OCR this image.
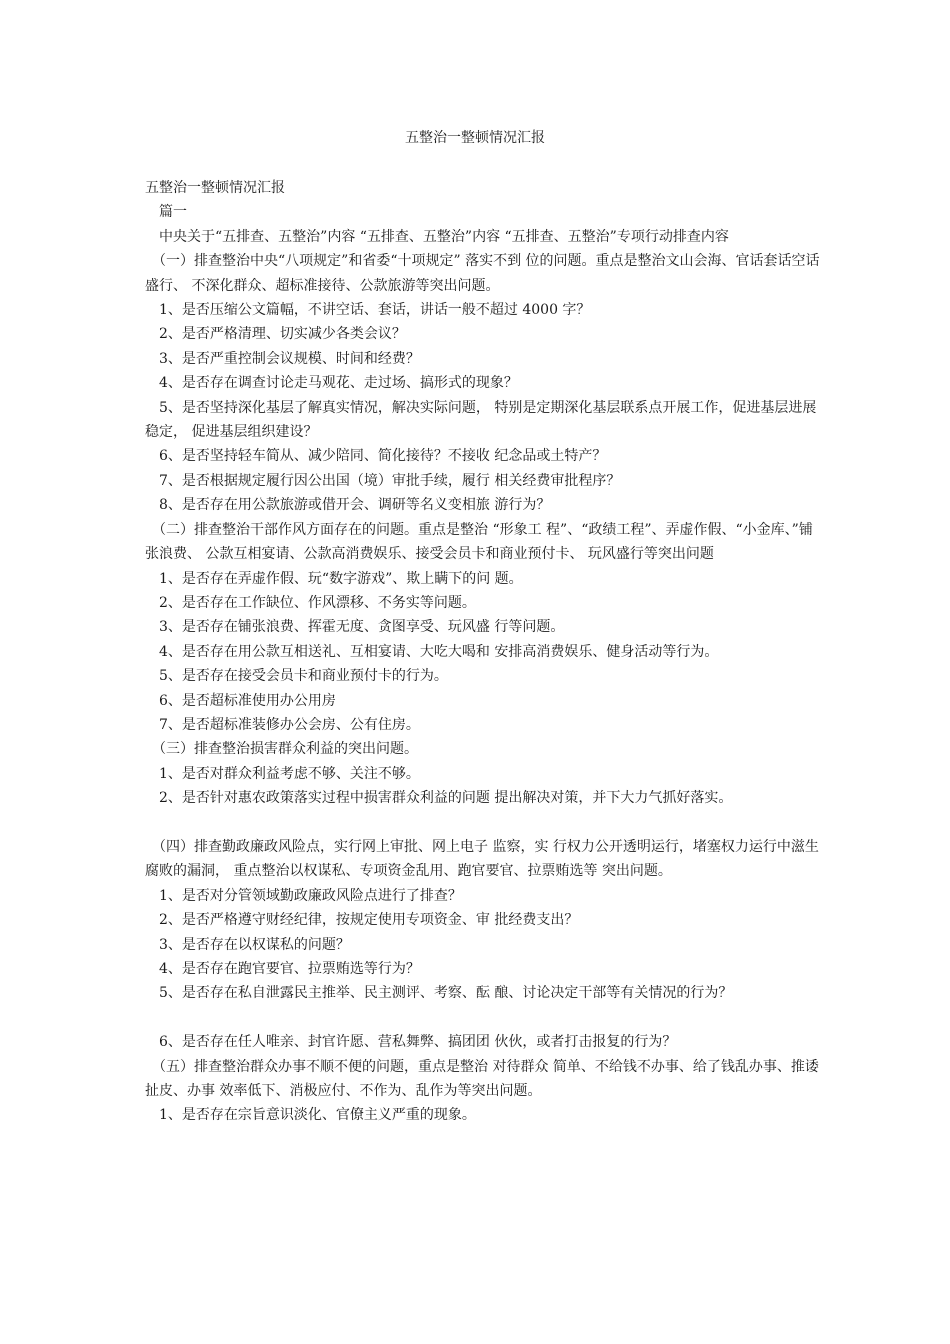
五整治一整顿情况汇报

五整治一整顿情况汇报

　篇一

　中央关于“五排查、五整治”内容 “五排查、五整治”内容 “五排查、五整治”专项行动排查内容

　（一）排查整治中央“八项规定”和省委“十项规定” 落实不到 位的问题。重点是整治文山会海、官话套话空话盛行、 不深化群众、超标准接待、公款旅游等突出问题。

　1、是否压缩公文篇幅，不讲空话、套话，讲话一般不超过 4000 字？

　2、是否严格清理、切实减少各类会议？

　3、是否严重控制会议规模、时间和经费？

　4、是否存在调查讨论走马观花、走过场、搞形式的现象？

　5、是否坚持深化基层了解真实情况，解决实际问题， 特别是定期深化基层联系点开展工作，促进基层进展稳定， 促进基层组织建设？

　6、是否坚持轻车简从、减少陪同、简化接待？不接收 纪念品或土特产？

　7、是否根据规定履行因公出国（境）审批手续，履行 相关经费审批程序？

　8、是否存在用公款旅游或借开会、调研等名义变相旅 游行为？

　（二）排查整治干部作风方面存在的问题。重点是整治 “形象工 程”、“政绩工程”、弄虚作假、“小金库、”铺张浪费、 公款互相宴请、公款高消费娱乐、接受会员卡和商业预付卡、 玩风盛行等突出问题

　1、是否存在弄虚作假、玩“数字游戏”、欺上瞒下的问 题。

　2、是否存在工作缺位、作风漂移、不务实等问题。

　3、是否存在铺张浪费、挥霍无度、贪图享受、玩风盛 行等问题。

　4、是否存在用公款互相送礼、互相宴请、大吃大喝和 安排高消费娱乐、健身活动等行为。

　5、是否存在接受会员卡和商业预付卡的行为。

　6、是否超标准使用办公用房

　7、是否超标准装修办公会房、公有住房。

　（三）排查整治损害群众利益的突出问题。

　1、是否对群众利益考虑不够、关注不够。

　2、是否针对惠农政策落实过程中损害群众利益的问题 提出解决对策，并下大力气抓好落实。

　（四）排查勤政廉政风险点，实行网上审批、网上电子 监察，实 行权力公开透明运行，堵塞权力运行中滋生腐败的漏洞， 重点整治以权谋私、专项资金乱用、跑官要官、拉票贿选等 突出问题。

　1、是否对分管领域勤政廉政风险点进行了排查？

　2、是否严格遵守财经纪律，按规定使用专项资金、审 批经费支出？

　3、是否存在以权谋私的问题？

　4、是否存在跑官要官、拉票贿选等行为？

　5、是否存在私自泄露民主推举、民主测评、考察、酝 酿、讨论决定干部等有关情况的行为？

　6、是否存在任人唯亲、封官许愿、营私舞弊、搞团团 伙伙，或者打击报复的行为？

　（五）排查整治群众办事不顺不便的问题，重点是整治 对待群众 简单、不给钱不办事、给了钱乱办事、推诿扯皮、办事 效率低下、消极应付、不作为、乱作为等突出问题。

　1、是否存在宗旨意识淡化、官僚主义严重的现象。
